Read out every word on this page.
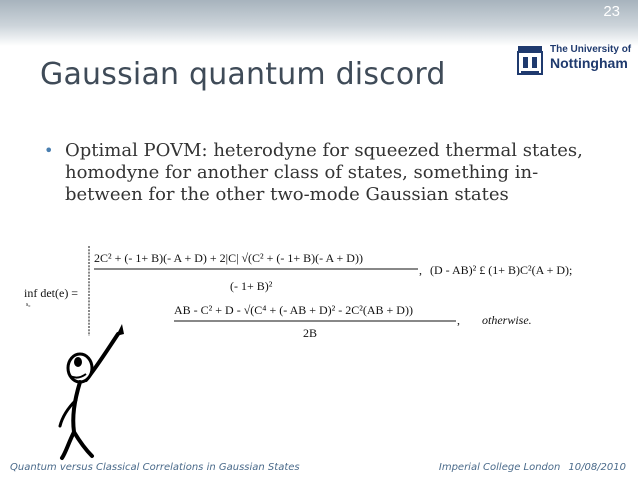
23
The University of
Nottingham
Gaussian quantum discord
• Optimal POVM: heterodyne for squeezed thermal states, homodyne for another class of states, something in-between for the other two-mode Gaussian states
inf det(e) =
s₀
2C² + (- 1+ B)(- A + D) + 2|C| √(C² + (- 1+ B)(- A + D))
(- 1+ B)²
, (D - AB)² £ (1+ B)C²(A + D);
AB - C² + D - √(C⁴ + (- AB + D)² - 2C²(AB + D))
2B
, otherwise.
Quantum versus Classical Correlations in Gaussian States	Imperial College London 10/08/2010
